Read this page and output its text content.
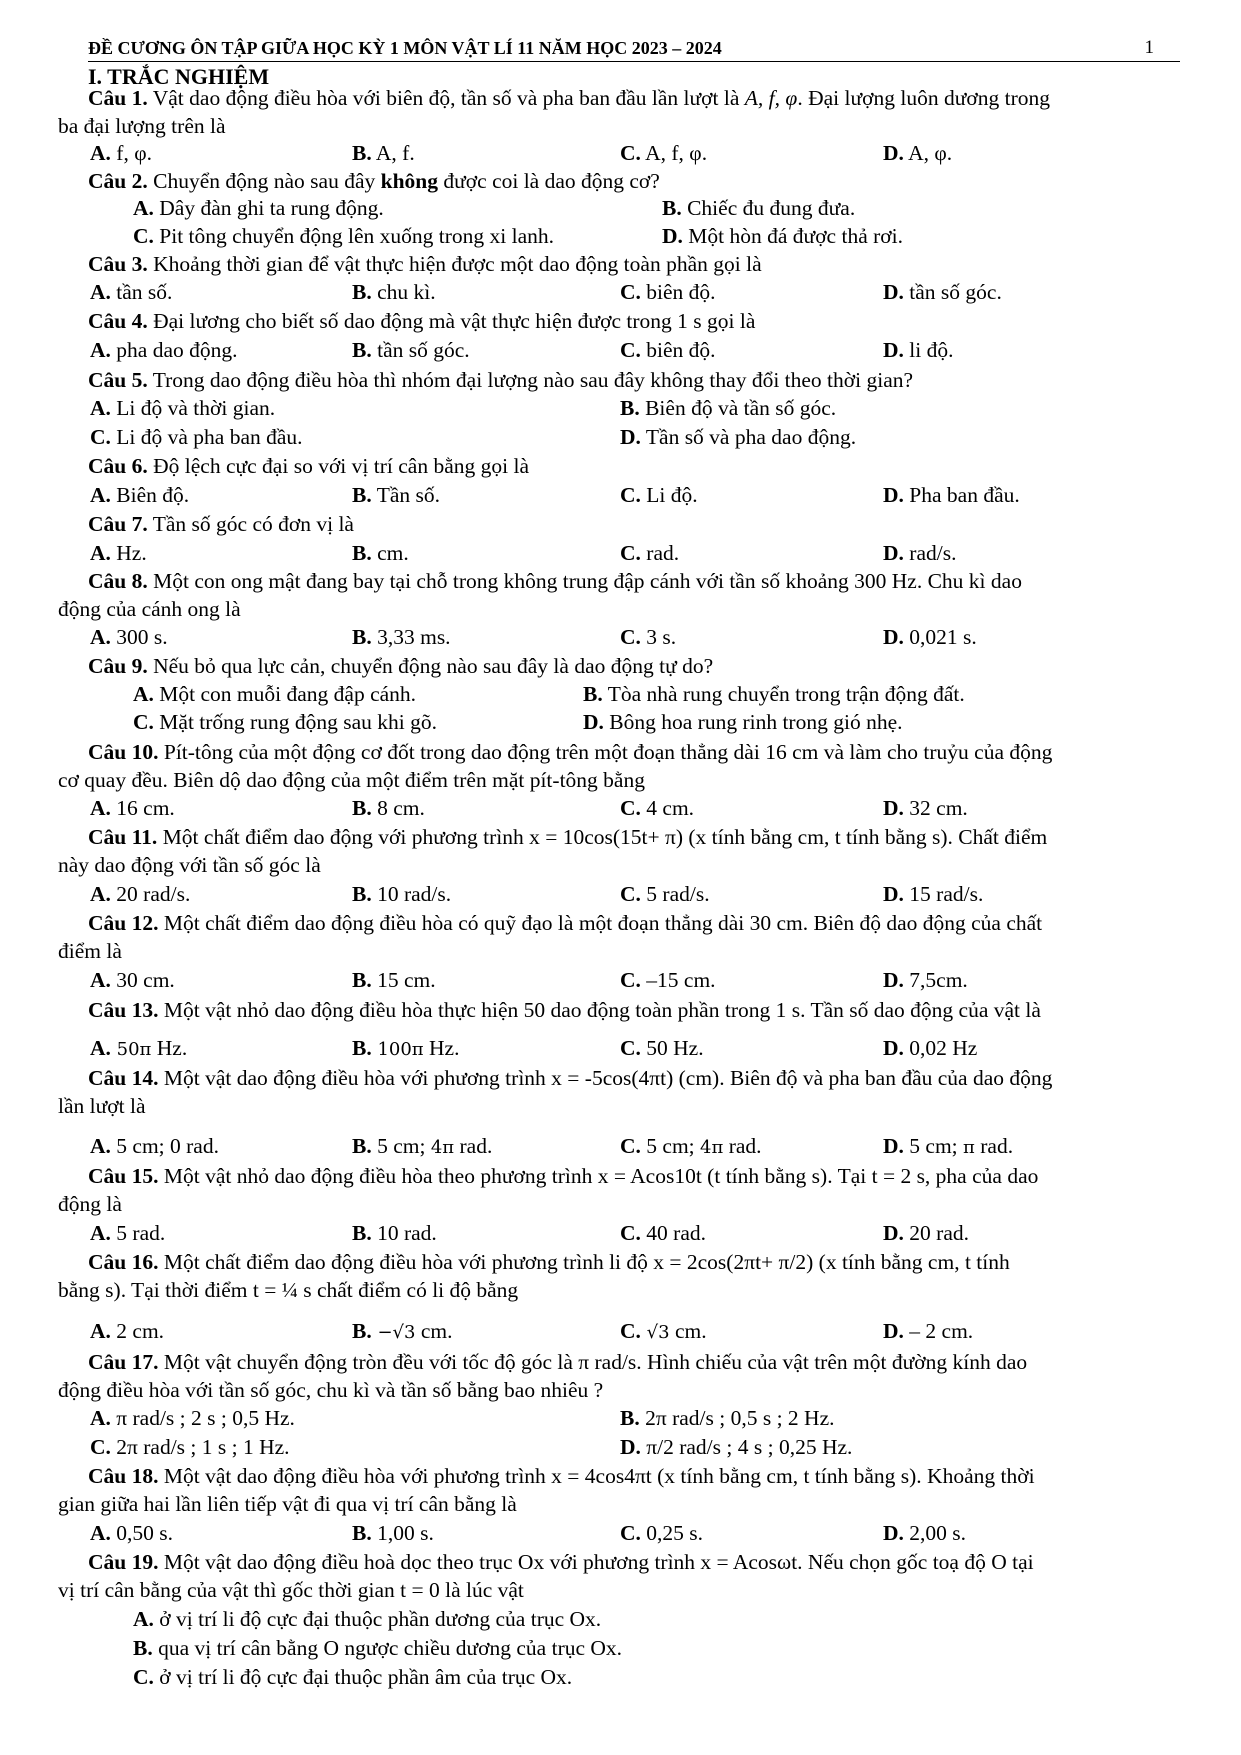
ĐỀ CƯƠNG ÔN TẬP GIỮA HỌC KỲ 1 MÔN VẬT LÍ 11 NĂM HỌC 2023 – 2024	1
I. TRẮC NGHIỆM
Câu 1. Vật dao động điều hòa với biên độ, tần số và pha ban đầu lần lượt là A, f, φ. Đại lượng luôn dương trong
ba đại lượng trên là
A. f, φ.	B. A, f.	C. A, f, φ.	D. A, φ.
Câu 2. Chuyển động nào sau đây không được coi là dao động cơ?
A. Dây đàn ghi ta rung động.	B. Chiếc đu đung đưa.
C. Pit tông chuyển động lên xuống trong xi lanh.	D. Một hòn đá được thả rơi.
Câu 3. Khoảng thời gian để vật thực hiện được một dao động toàn phần gọi là
A. tần số.	B. chu kì.	C. biên độ.	D. tần số góc.
Câu 4. Đại lương cho biết số dao động mà vật thực hiện được trong 1 s gọi là
A. pha dao động.	B. tần số góc.	C. biên độ.	D. li độ.
Câu 5. Trong dao động điều hòa thì nhóm đại lượng nào sau đây không thay đổi theo thời gian?
A. Li độ và thời gian.	B. Biên độ và tần số góc.
C. Li độ và pha ban đầu.	D. Tần số và pha dao động.
Câu 6. Độ lệch cực đại so với vị trí cân bằng gọi là
A. Biên độ.	B. Tần số.	C. Li độ.	D. Pha ban đầu.
Câu 7. Tần số góc có đơn vị là
A. Hz.	B. cm.	C. rad.	D. rad/s.
Câu 8. Một con ong mật đang bay tại chỗ trong không trung đập cánh với tần số khoảng 300 Hz. Chu kì dao
động của cánh ong là
A. 300 s.	B. 3,33 ms.	C. 3 s.	D. 0,021 s.
Câu 9. Nếu bỏ qua lực cản, chuyển động nào sau đây là dao động tự do?
A. Một con muỗi đang đập cánh.	B. Tòa nhà rung chuyển trong trận động đất.
C. Mặt trống rung động sau khi gõ.	D. Bông hoa rung rinh trong gió nhẹ.
Câu 10. Pít-tông của một động cơ đốt trong dao động trên một đoạn thẳng dài 16 cm và làm cho truỷu của động
cơ quay đều. Biên dộ dao động của một điểm trên mặt pít-tông bằng
A. 16 cm.	B. 8 cm.	C. 4 cm.	D. 32 cm.
Câu 11. Một chất điểm dao động với phương trình x = 10cos(15t+ π) (x tính bằng cm, t tính bằng s). Chất điểm
này dao động với tần số góc là
A. 20 rad/s.	B. 10 rad/s.	C. 5 rad/s.	D. 15 rad/s.
Câu 12. Một chất điểm dao động điều hòa có quỹ đạo là một đoạn thẳng dài 30 cm. Biên độ dao động của chất
điểm là
A. 30 cm.	B. 15 cm.	C. –15 cm.	D. 7,5cm.
Câu 13. Một vật nhỏ dao động điều hòa thực hiện 50 dao động toàn phần trong 1 s. Tần số dao động của vật là
A. 50π Hz.	B. 100π Hz.	C. 50 Hz.	D. 0,02 Hz
Câu 14. Một vật dao động điều hòa với phương trình x = -5cos(4πt) (cm). Biên độ và pha ban đầu của dao động
lần lượt là
A. 5 cm; 0 rad.	B. 5 cm; 4π rad.	C. 5 cm; 4π rad.	D. 5 cm; π rad.
Câu 15. Một vật nhỏ dao động điều hòa theo phương trình x = Acos10t (t tính bằng s). Tại t = 2 s, pha của dao
động là
A. 5 rad.	B. 10 rad.	C. 40 rad.	D. 20 rad.
Câu 16. Một chất điểm dao động điều hòa với phương trình li độ x = 2cos(2πt+ π/2) (x tính bằng cm, t tính
bằng s). Tại thời điểm t = ¼ s chất điểm có li độ bằng
A. 2 cm.	B. −√3 cm.	C. √3 cm.	D. – 2 cm.
Câu 17. Một vật chuyển động tròn đều với tốc độ góc là π rad/s. Hình chiếu của vật trên một đường kính dao
động điều hòa với tần số góc, chu kì và tần số bằng bao nhiêu ?
A. π rad/s ; 2 s ; 0,5 Hz.	B. 2π rad/s ; 0,5 s ; 2 Hz.
C. 2π rad/s ; 1 s ; 1 Hz.	D. π/2 rad/s ; 4 s ; 0,25 Hz.
Câu 18. Một vật dao động điều hòa với phương trình x = 4cos4πt (x tính bằng cm, t tính bằng s). Khoảng thời
gian giữa hai lần liên tiếp vật đi qua vị trí cân bằng là
A. 0,50 s.	B. 1,00 s.	C. 0,25 s.	D. 2,00 s.
Câu 19. Một vật dao động điều hoà dọc theo trục Ox với phương trình x = Acosωt. Nếu chọn gốc toạ độ O tại
vị trí cân bằng của vật thì gốc thời gian t = 0 là lúc vật
A. ở vị trí li độ cực đại thuộc phần dương của trục Ox.
B. qua vị trí cân bằng O ngược chiều dương của trục Ox.
C. ở vị trí li độ cực đại thuộc phần âm của trục Ox.
